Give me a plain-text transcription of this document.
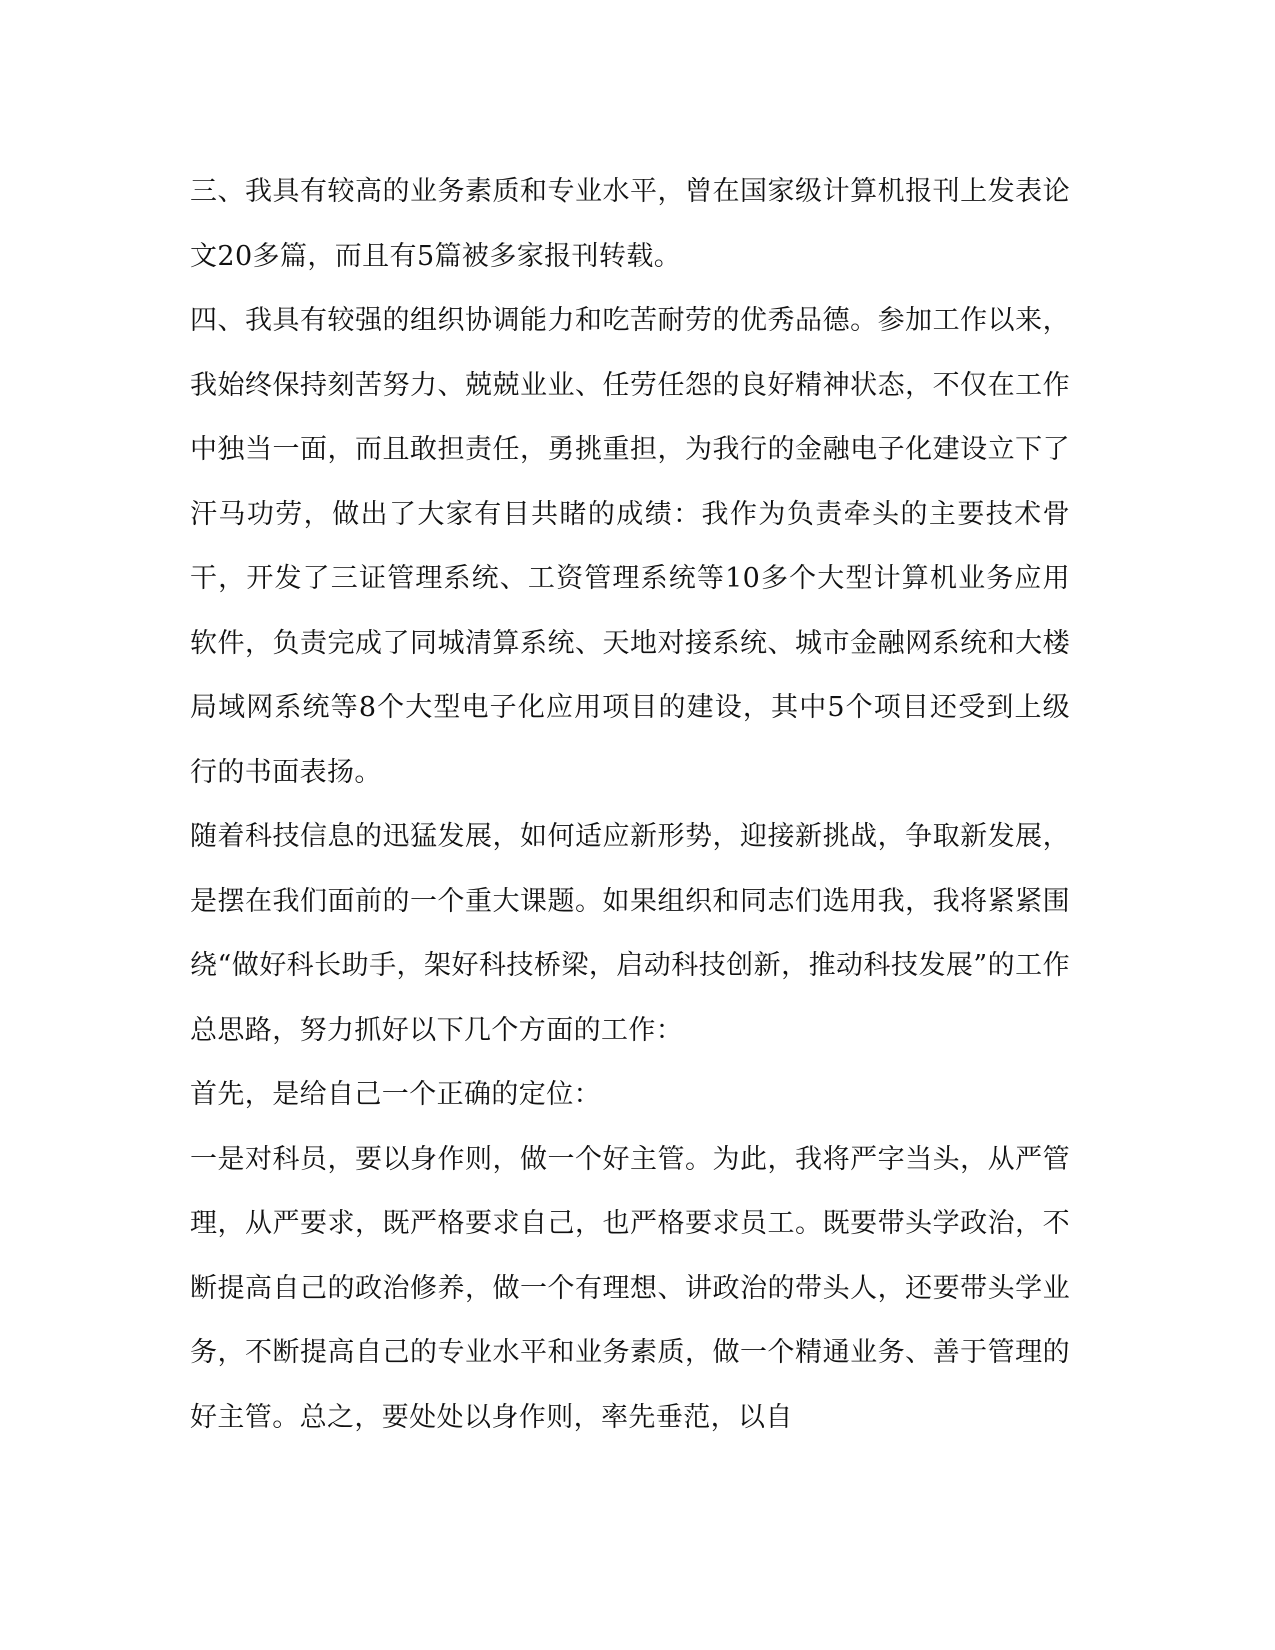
三、我具有较高的业务素质和专业水平，曾在国家级计算机报刊上发表论文20多篇，而且有5篇被多家报刊转载。

四、我具有较强的组织协调能力和吃苦耐劳的优秀品德。参加工作以来，我始终保持刻苦努力、兢兢业业、任劳任怨的良好精神状态，不仅在工作中独当一面，而且敢担责任，勇挑重担，为我行的金融电子化建设立下了汗马功劳，做出了大家有目共睹的成绩：我作为负责牵头的主要技术骨干，开发了三证管理系统、工资管理系统等10多个大型计算机业务应用软件，负责完成了同城清算系统、天地对接系统、城市金融网系统和大楼局域网系统等8个大型电子化应用项目的建设，其中5个项目还受到上级行的书面表扬。

随着科技信息的迅猛发展，如何适应新形势，迎接新挑战，争取新发展，是摆在我们面前的一个重大课题。如果组织和同志们选用我，我将紧紧围绕“做好科长助手，架好科技桥梁，启动科技创新，推动科技发展”的工作总思路，努力抓好以下几个方面的工作：

首先，是给自己一个正确的定位：

一是对科员，要以身作则，做一个好主管。为此，我将严字当头，从严管理，从严要求，既严格要求自己，也严格要求员工。既要带头学政治，不断提高自己的政治修养，做一个有理想、讲政治的带头人，还要带头学业务，不断提高自己的专业水平和业务素质，做一个精通业务、善于管理的好主管。总之，要处处以身作则，率先垂范，以自
